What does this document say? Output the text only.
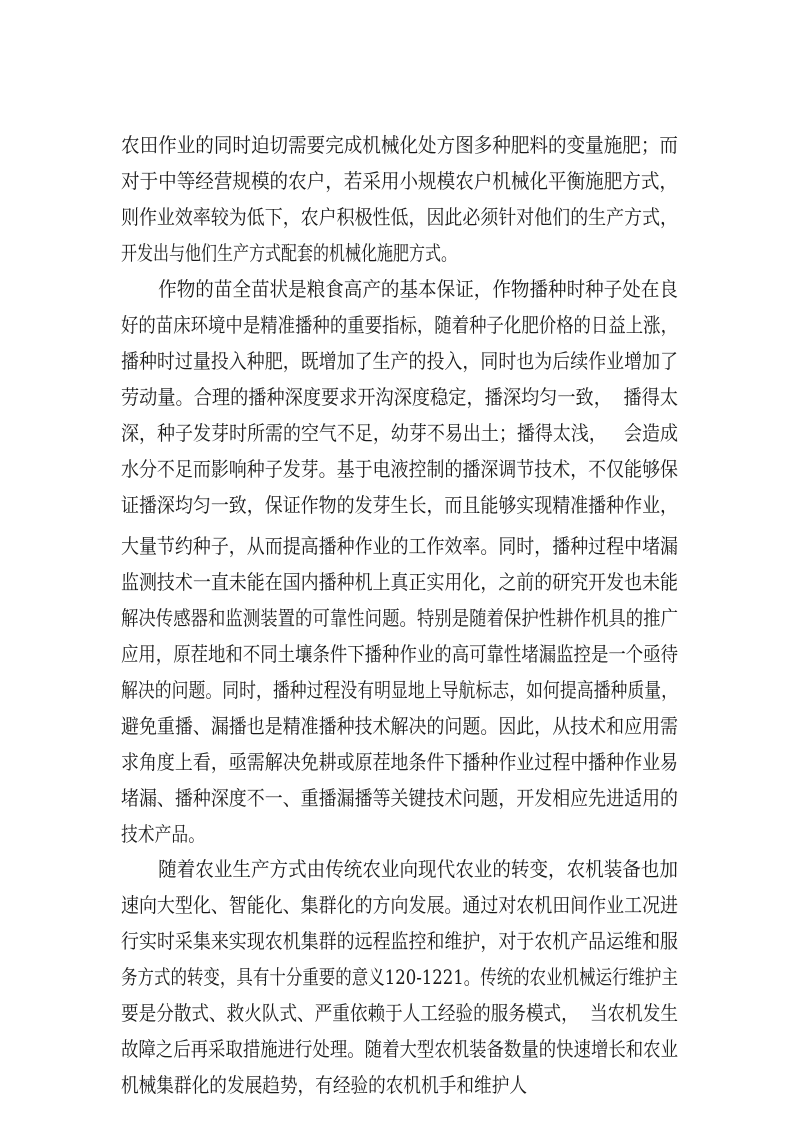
农田作业的同时迫切需要完成机械化处方图多种肥料的变量施肥；而
对于中等经营规模的农户，若采用小规模农户机械化平衡施肥方式，
则作业效率较为低下，农户积极性低，因此必须针对他们的生产方式，
开发出与他们生产方式配套的机械化施肥方式。
　　作物的苗全苗状是粮食高产的基本保证，作物播种时种子处在良
好的苗床环境中是精准播种的重要指标，随着种子化肥价格的日益上涨，
播种时过量投入种肥，既增加了生产的投入，同时也为后续作业增加了
劳动量。合理的播种深度要求开沟深度稳定，播深均匀一致，  播得太
深，种子发芽时所需的空气不足，幼芽不易出土；播得太浅，   会造成
水分不足而影响种子发芽。基于电液控制的播深调节技术，不仅能够保
证播深均匀一致，保证作物的发芽生长，而且能够实现精准播种作业，
大量节约种子，从而提高播种作业的工作效率。同时，播种过程中堵漏
监测技术一直未能在国内播种机上真正实用化，之前的研究开发也未能
解决传感器和监测装置的可靠性问题。特别是随着保护性耕作机具的推广
应用，原茬地和不同土壤条件下播种作业的高可靠性堵漏监控是一个亟待
解决的问题。同时，播种过程没有明显地上导航标志，如何提高播种质量，
避免重播、漏播也是精准播种技术解决的问题。因此，从技术和应用需
求角度上看，亟需解决免耕或原茬地条件下播种作业过程中播种作业易
堵漏、播种深度不一、重播漏播等关键技术问题，开发相应先进适用的
技术产品。
　　随着农业生产方式由传统农业向现代农业的转变，农机装备也加
速向大型化、智能化、集群化的方向发展。通过对农机田间作业工况进
行实时采集来实现农机集群的远程监控和维护，对于农机产品运维和服
务方式的转变，具有十分重要的意义120-1221。传统的农业机械运行维护主
要是分散式、救火队式、严重依赖于人工经验的服务模式，  当农机发生
故障之后再采取措施进行处理。随着大型农机装备数量的快速增长和农业
机械集群化的发展趋势，有经验的农机机手和维护人
